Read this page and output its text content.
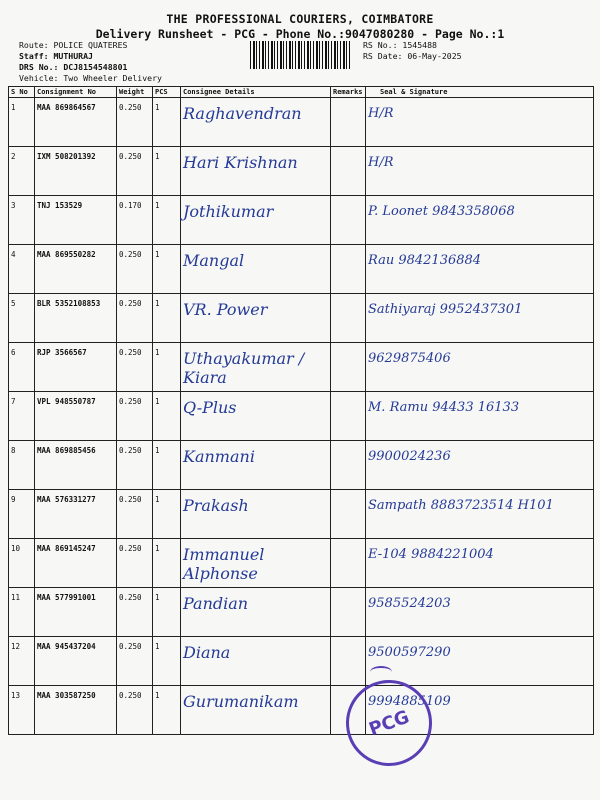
THE PROFESSIONAL COURIERS, COIMBATORE
Delivery Runsheet - PCG - Phone No.:9047080280 - Page No.:1
Route: POLICE QUATERES
Staff: MUTHURAJ
DRS No.: DCJ8154548801
Vehicle: Two Wheeler Delivery
RS No.: 1545488
RS Date: 06-May-2025
S No	Consignment No	Weight	PCS	Consignee Details	Remarks	Seal & Signature
1	MAA 869864567	0.250	1	Raghavendran		H/R
2	IXM 508201392	0.250	1	Hari Krishnan		H/R
3	TNJ 153529	0.170	1	Jothikumar		P. Loonet 9843358068
4	MAA 869550282	0.250	1	Mangal		Rau 9842136884
5	BLR 5352108853	0.250	1	VR. Power		Sathiyaraj 9952437301
6	RJP 3566567	0.250	1	Uthayakumar / Kiara		9629875406
7	VPL 948550787	0.250	1	Q-Plus		M. Ramu 94433 16133
8	MAA 869885456	0.250	1	Kanmani		9900024236
9	MAA 576331277	0.250	1	Prakash		Sampath 8883723514 H101
10	MAA 869145247	0.250	1	Immanuel Alphonse		E-104 9884221004
11	MAA 577991001	0.250	1	Pandian		9585524203
12	MAA 945437204	0.250	1	Diana		9500597290
13	MAA 303587250	0.250	1	Gurumanikam		9994885109
PCG
